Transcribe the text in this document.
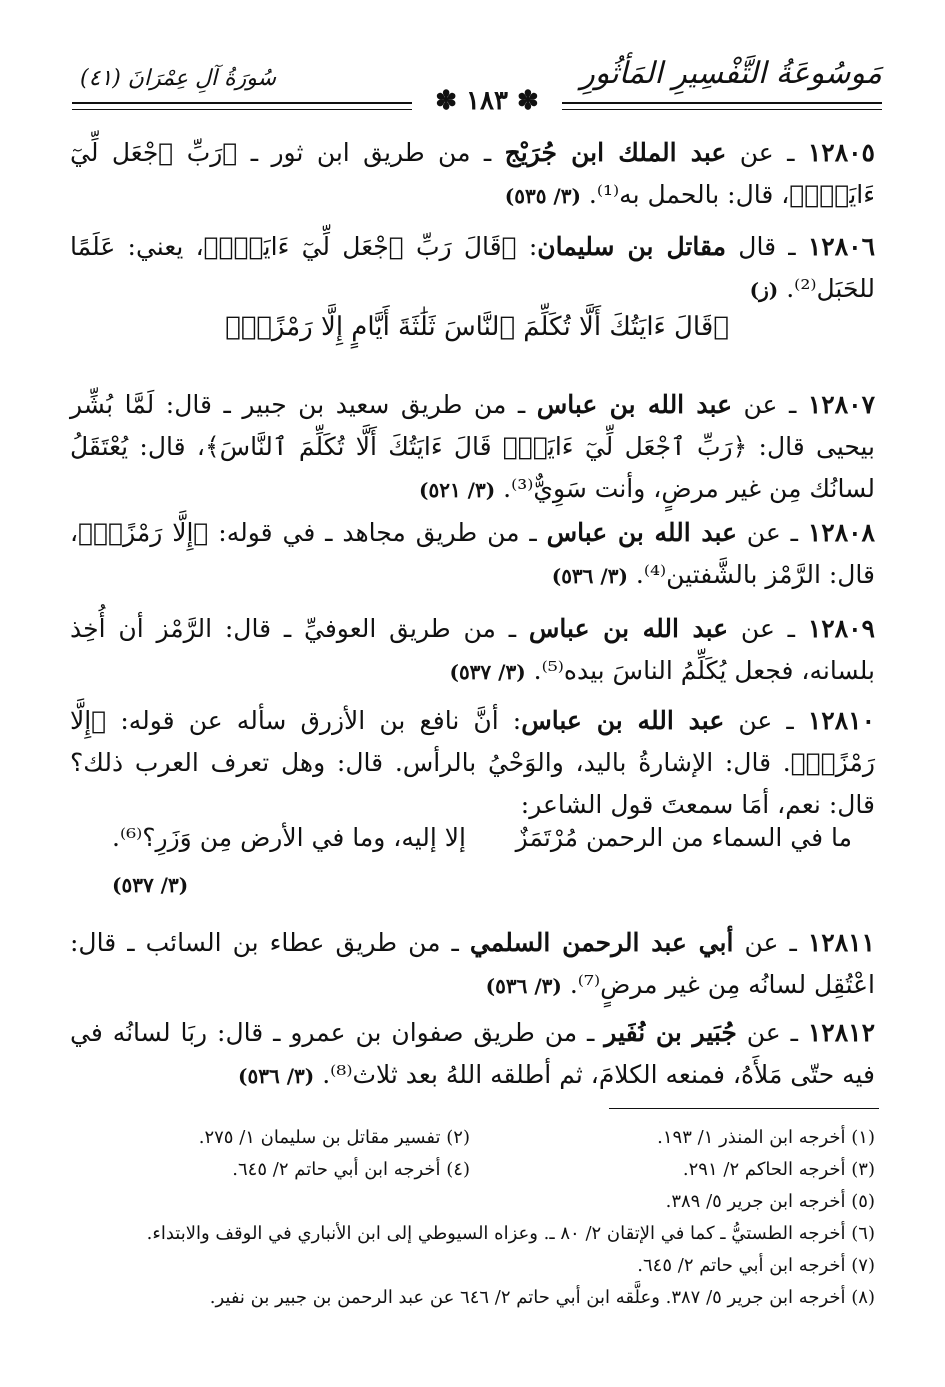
مَوسُوعَةُ التَّفْسِيرِ المَأثُورِ
سُورَةُ آلِ عِمْرَانَ (٤١)
✽ ١٨٣ ✽
١٢٨٠٥ ـ عن عبد الملك ابن جُرَيْج ـ من طريق ابن ثور ـ ﴿رَبِّ ٱجْعَل لِّيٓ ءَايَةًۖ﴾، قال: بالحمل به⁽¹⁾. (٣/ ٥٣٥)
١٢٨٠٦ ـ قال مقاتل بن سليمان: ﴿قَالَ رَبِّ ٱجْعَل لِّيٓ ءَايَةًۖ﴾، يعني: عَلَمًا للحَبَل⁽²⁾. (ز)
﴿قَالَ ءَايَتُكَ أَلَّا تُكَلِّمَ ٱلنَّاسَ ثَلَٰثَةَ أَيَّامٍ إِلَّا رَمْزًاۗ﴾
١٢٨٠٧ ـ عن عبد الله بن عباس ـ من طريق سعيد بن جبير ـ قال: لَمَّا بُشِّر بيحيى قال: ﴿رَبِّ ٱجْعَل لِّيٓ ءَايَةًۖ قَالَ ءَايَتُكَ أَلَّا تُكَلِّمَ ٱلنَّاسَ﴾، قال: يُعْتَقَلُ لسانُك مِن غير مرضٍ، وأنت سَوِيٌّ⁽³⁾. (٣/ ٥٢١)
١٢٨٠٨ ـ عن عبد الله بن عباس ـ من طريق مجاهد ـ في قوله: ﴿إِلَّا رَمْزًاۗ﴾، قال: الرَّمْز بالشَّفتين⁽⁴⁾. (٣/ ٥٣٦)
١٢٨٠٩ ـ عن عبد الله بن عباس ـ من طريق العوفيِّ ـ قال: الرَّمْز أن أُخِذ بلسانه، فجعل يُكَلِّمُ الناسَ بيده⁽⁵⁾. (٣/ ٥٣٧)
١٢٨١٠ ـ عن عبد الله بن عباس: أنَّ نافع بن الأزرق سأله عن قوله: ﴿إِلَّا رَمْزًاۗ﴾. قال: الإشارةُ باليد، والوَحْيُ بالرأس. قال: وهل تعرف العرب ذلك؟ قال: نعم، أمَا سمعتَ قول الشاعر:
ما في السماء من الرحمن مُرْتَمَزٌ
إلا إليه، وما في الأرض مِن وَزَرِ؟⁽⁶⁾.
(٣/ ٥٣٧)
١٢٨١١ ـ عن أبي عبد الرحمن السلمي ـ من طريق عطاء بن السائب ـ قال: اعْتُقِل لسانُه مِن غير مرضٍ⁽⁷⁾. (٣/ ٥٣٦)
١٢٨١٢ ـ عن جُبَير بن نُفَير ـ من طريق صفوان بن عمرو ـ قال: ربَا لسانُه في فيه حتّى مَلأَهُ، فمنعه الكلامَ، ثم أطلقه اللهُ بعد ثلاث⁽⁸⁾. (٣/ ٥٣٦)
(١) أخرجه ابن المنذر ١/ ١٩٣.
(٢) تفسير مقاتل بن سليمان ١/ ٢٧٥.
(٣) أخرجه الحاكم ٢/ ٢٩١.
(٤) أخرجه ابن أبي حاتم ٢/ ٦٤٥.
(٥) أخرجه ابن جرير ٥/ ٣٨٩.
(٦) أخرجه الطستيُّ ـ كما في الإتقان ٢/ ٨٠ ـ. وعزاه السيوطي إلى ابن الأنباري في الوقف والابتداء.
(٧) أخرجه ابن أبي حاتم ٢/ ٦٤٥.
(٨) أخرجه ابن جرير ٥/ ٣٨٧. وعلَّقه ابن أبي حاتم ٢/ ٦٤٦ عن عبد الرحمن بن جبير بن نفير.
